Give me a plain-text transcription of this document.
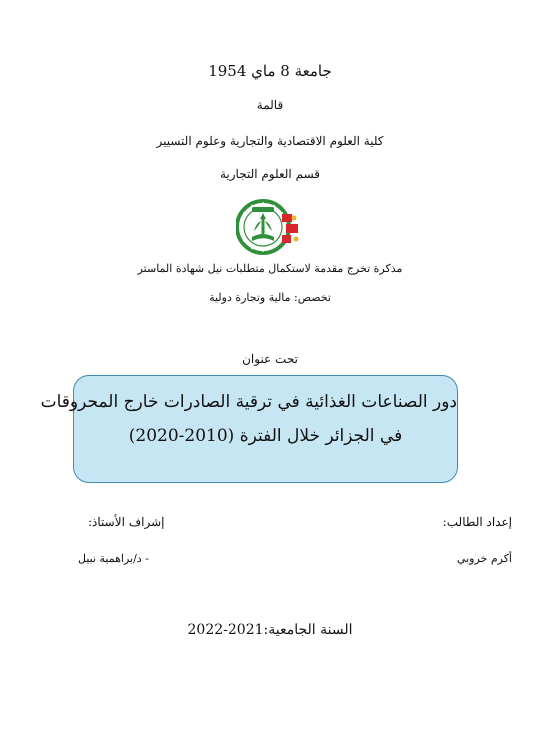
جامعة 8 ماي 1954
قالمة
كلية العلوم الاقتصادية والتجارية وعلوم التسيير
قسم العلوم التجارية
مذكرة تخرج مقدمة لاستكمال متطلبات نيل شهادة الماستر
تخصص: مالية وتجارة دولية
تحت عنوان
دور الصناعات الغذائية في ترقية الصادرات خارج المحروقات
في الجزائر خلال الفترة (2010-2020)
إعداد الطالب:
إشراف الأستاذ:
أكرم خروبي
- د/براهمية نبيل
السنة الجامعية:2021-2022
